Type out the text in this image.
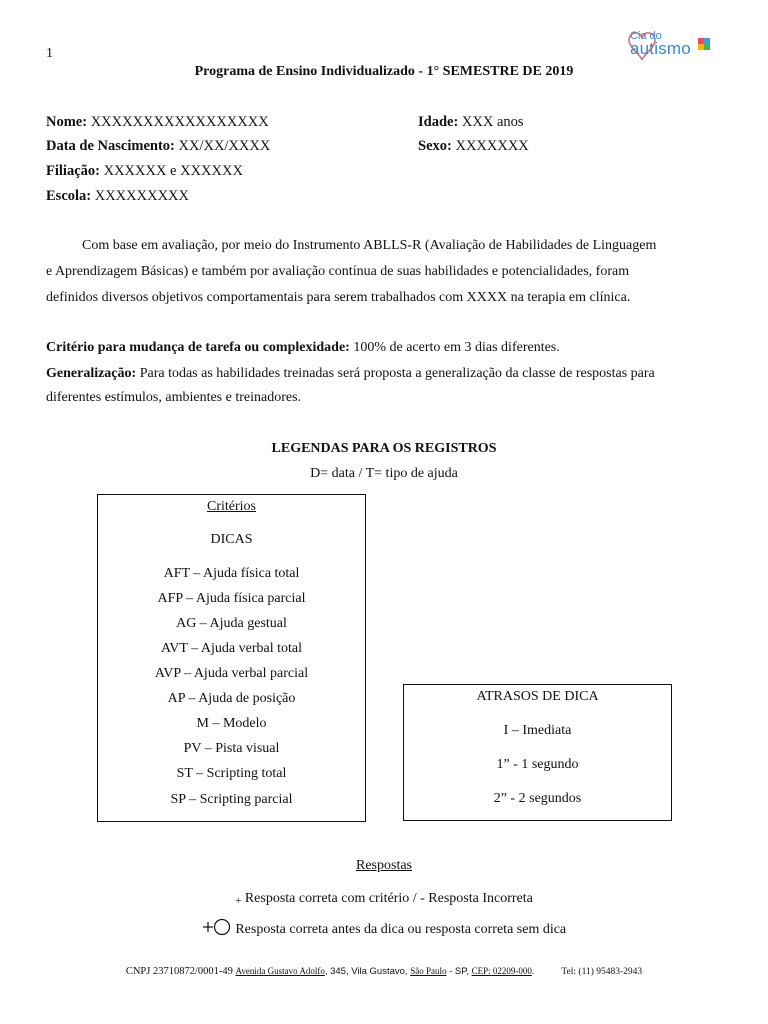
1
Cia do
autismo
Programa de Ensino Individualizado - 1° SEMESTRE DE 2019
Nome: XXXXXXXXXXXXXXXXX	Idade: XXX anos
Data de Nascimento: XX/XX/XXXX	Sexo: XXXXXXX
Filiação: XXXXXX e XXXXXX
Escola: XXXXXXXXX
Com base em avaliação, por meio do Instrumento ABLLS-R (Avaliação de Habilidades de Linguagem
e Aprendizagem Básicas) e também por avaliação contínua de suas habilidades e potencialidades, foram
definidos diversos objetivos comportamentais para serem trabalhados com XXXX na terapia em clínica.
Critério para mudança de tarefa ou complexidade: 100% de acerto em 3 dias diferentes.
Generalização: Para todas as habilidades treinadas será proposta a generalização da classe de respostas para
diferentes estímulos, ambientes e treinadores.
LEGENDAS PARA OS REGISTROS
D= data / T= tipo de ajuda
Critérios
DICAS
AFT – Ajuda física total
AFP – Ajuda física parcial
AG – Ajuda gestual
AVT – Ajuda verbal total
AVP – Ajuda verbal parcial
AP – Ajuda de posição
M – Modelo
PV – Pista visual
ST – Scripting total
SP – Scripting parcial
ATRASOS DE DICA
I – Imediata
1” - 1 segundo
2” - 2 segundos
Respostas
+ Resposta correta com critério / - Resposta Incorreta
Resposta correta antes da dica ou resposta correta sem dica
CNPJ 23710872/0001-49 Avenida Gustavo Adolfo, 345, Vila Gustavo, São Paulo - SP, CEP: 02209-000.	Tel: (11) 95483-2943
